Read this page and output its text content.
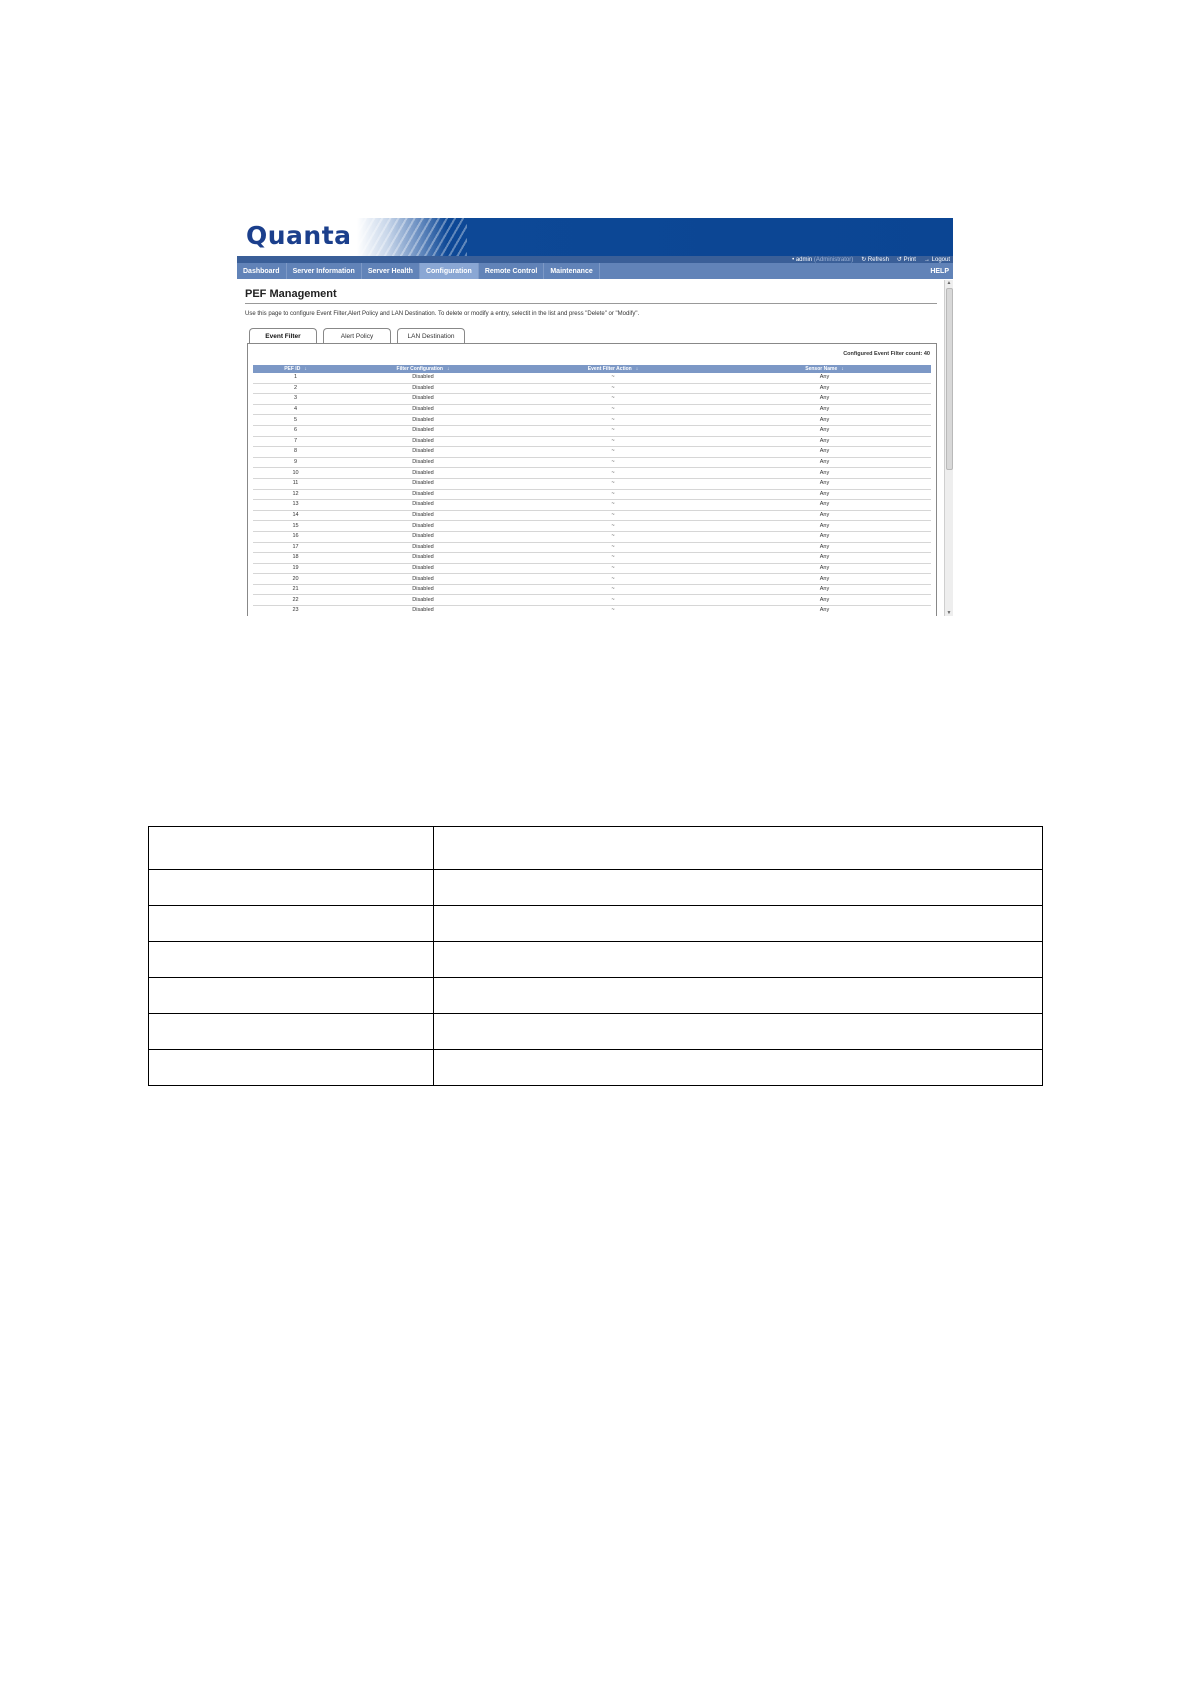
Quanta
• admin (Administrator) ↻ Refresh ↺ Print → Logout
Dashboard	Server Information	Server Health	Configuration	Remote Control	Maintenance	HELP
PEF Management
Use this page to configure Event Filter,Alert Policy and LAN Destination. To delete or modify a entry, selectit in the list and press "Delete" or "Modify".
Event Filter	Alert Policy	LAN Destination
Configured Event Filter count: 40
PEF ID ↓	Filter Configuration ↓	Event Filter Action ↓	Sensor Name ↓
1	Disabled	~	Any
2	Disabled	~	Any
3	Disabled	~	Any
4	Disabled	~	Any
5	Disabled	~	Any
6	Disabled	~	Any
7	Disabled	~	Any
8	Disabled	~	Any
9	Disabled	~	Any
10	Disabled	~	Any
11	Disabled	~	Any
12	Disabled	~	Any
13	Disabled	~	Any
14	Disabled	~	Any
15	Disabled	~	Any
16	Disabled	~	Any
17	Disabled	~	Any
18	Disabled	~	Any
19	Disabled	~	Any
20	Disabled	~	Any
21	Disabled	~	Any
22	Disabled	~	Any
23	Disabled	~	Any
▲
▼
